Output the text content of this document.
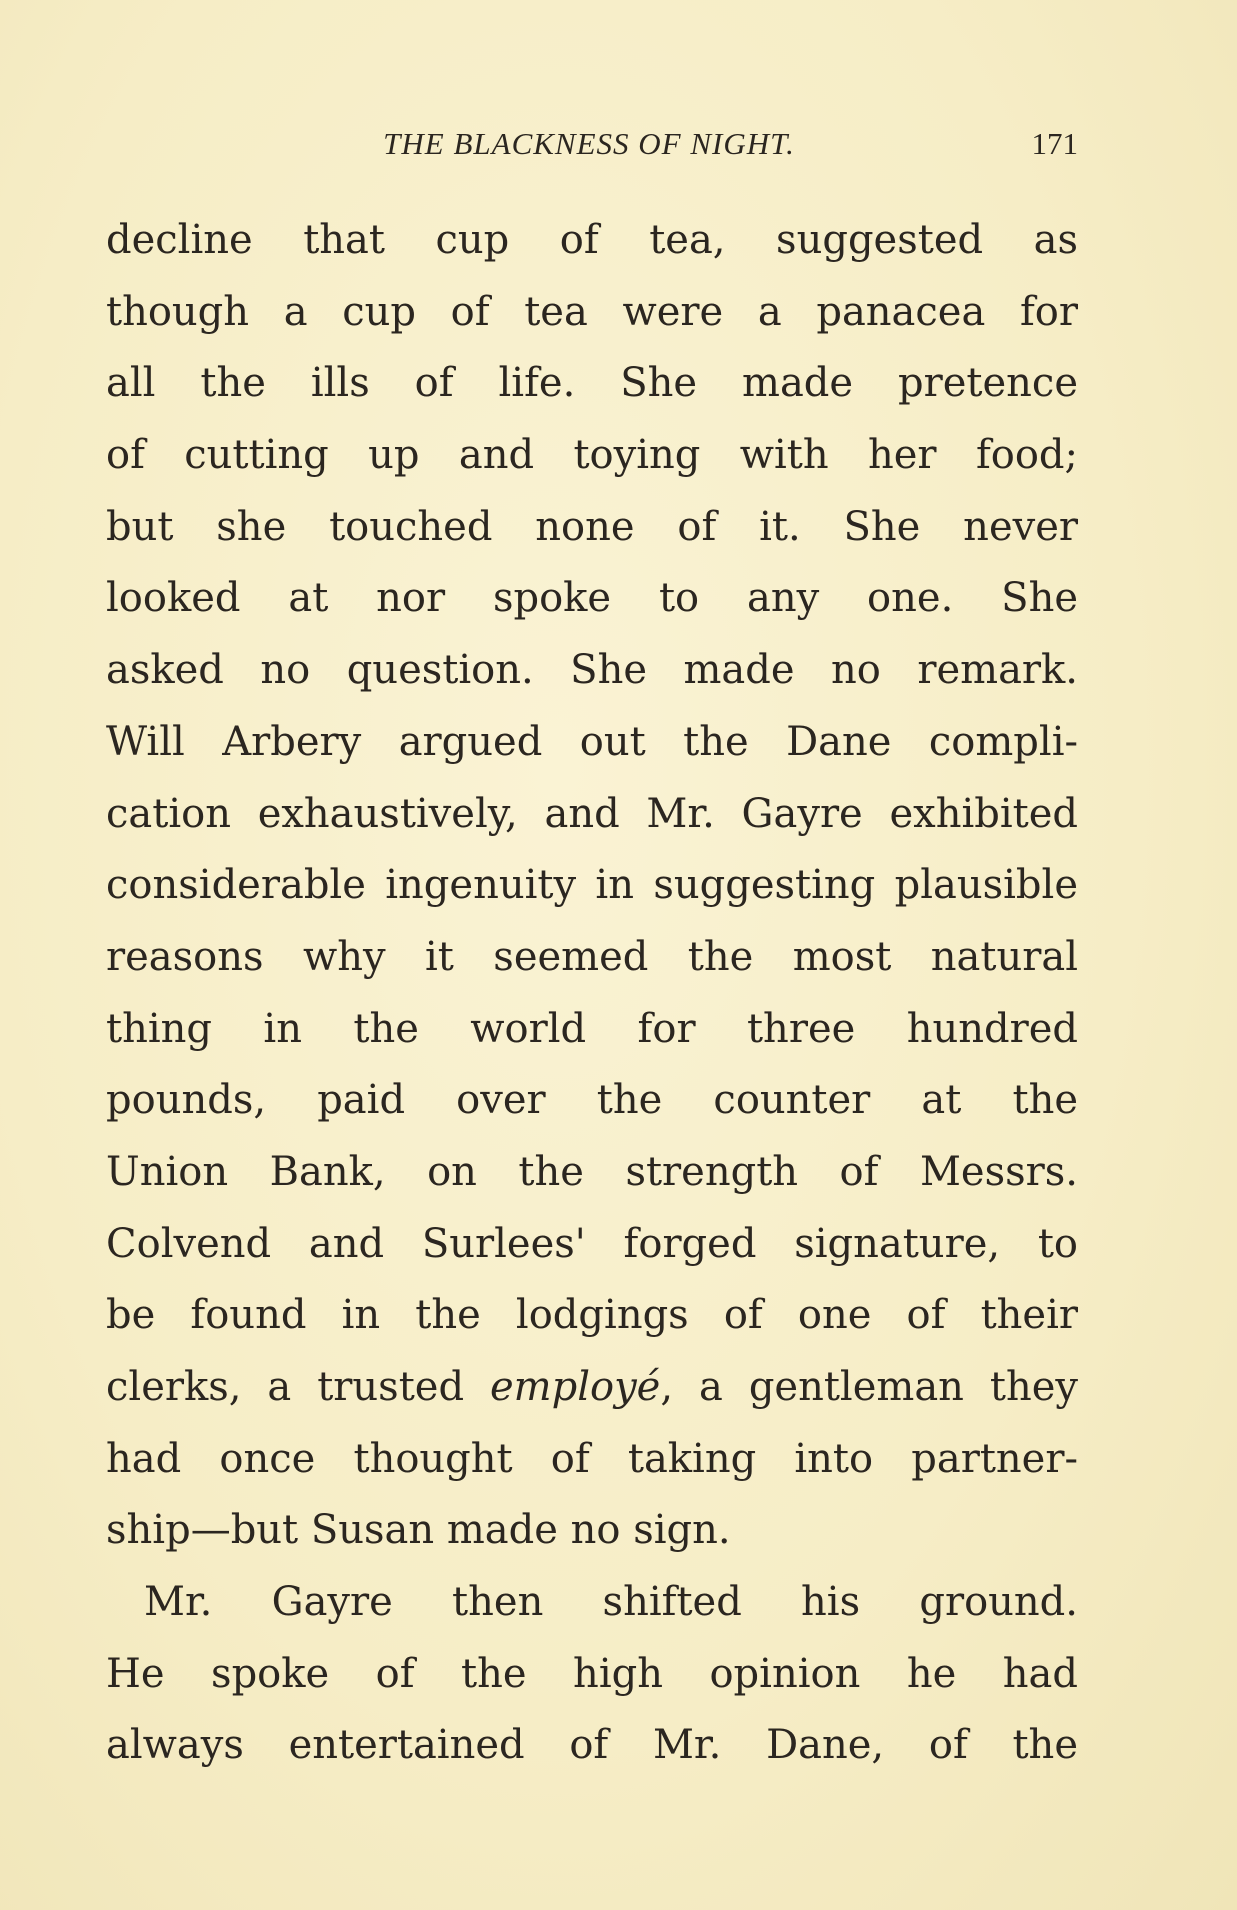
THE BLACKNESS OF NIGHT.	171
decline that cup of tea, suggested as
though a cup of tea were a panacea for
all the ills of life. She made pretence
of cutting up and toying with her food;
but she touched none of it. She never
looked at nor spoke to any one. She
asked no question. She made no remark.
Will Arbery argued out the Dane compli-
cation exhaustively, and Mr. Gayre exhibited
considerable ingenuity in suggesting plausible
reasons why it seemed the most natural
thing in the world for three hundred
pounds, paid over the counter at the
Union Bank, on the strength of Messrs.
Colvend and Surlees' forged signature, to
be found in the lodgings of one of their
clerks, a trusted employé, a gentleman they
had once thought of taking into partner-
ship—but Susan made no sign.
Mr. Gayre then shifted his ground.
He spoke of the high opinion he had
always entertained of Mr. Dane, of the
